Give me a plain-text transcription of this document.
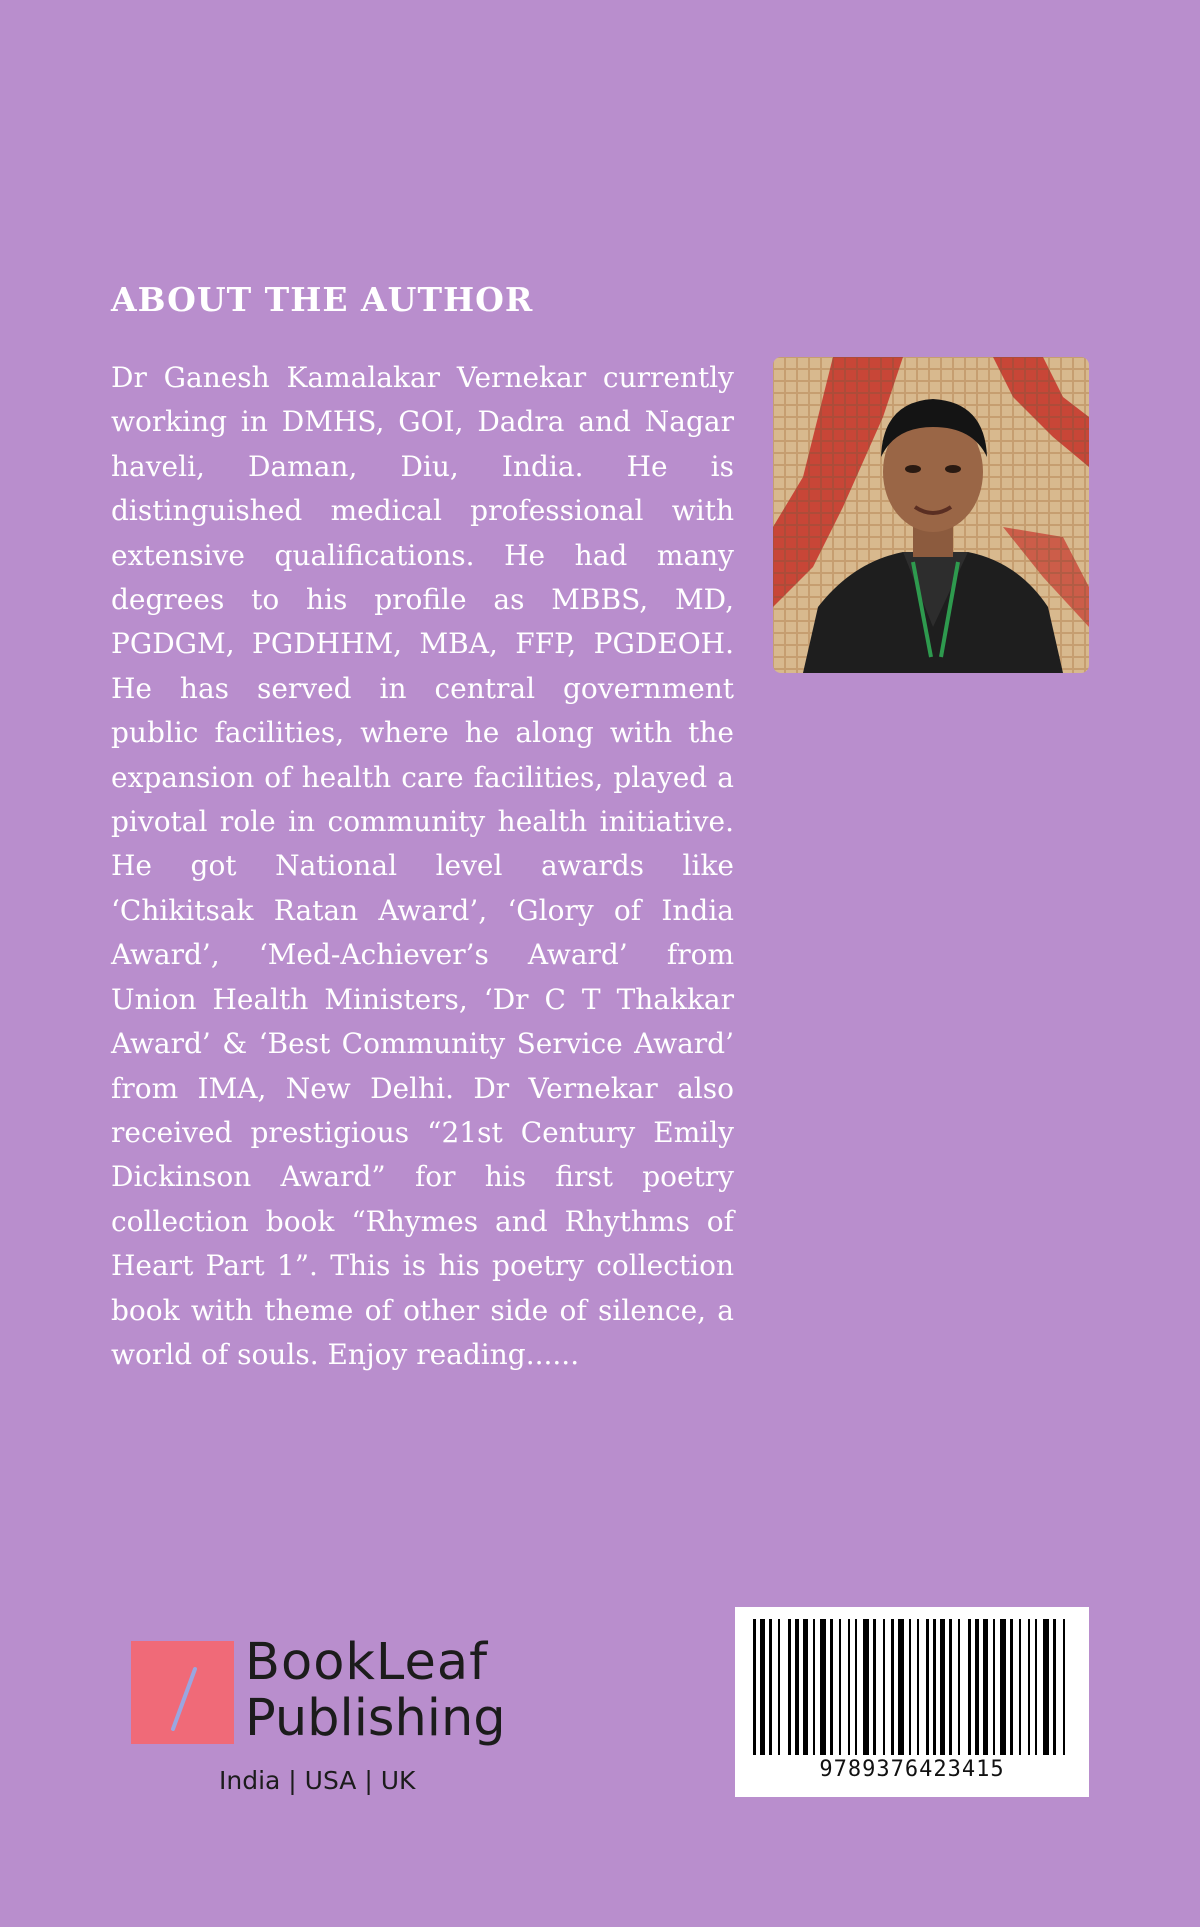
ABOUT THE AUTHOR

Dr Ganesh Kamalakar Vernekar currently working in DMHS, GOI, Dadra and Nagar haveli, Daman, Diu, India. He is distinguished medical professional with extensive qualifications. He had many degrees to his profile as MBBS, MD, PGDGM, PGDHHM, MBA, FFP, PGDEOH. He has served in central government public facilities, where he along with the expansion of health care facilities, played a pivotal role in community health initiative. He got National level awards like ‘Chikitsak Ratan Award’, ‘Glory of India Award’, ‘Med-Achiever’s Award’ from Union Health Ministers, ‘Dr C T Thakkar Award’ & ‘Best Community Service Award’ from IMA, New Delhi. Dr Vernekar also received prestigious “21st Century Emily Dickinson Award” for his first poetry collection book “Rhymes and Rhythms of Heart Part 1”. This is his poetry collection book with theme of other side of silence, a world of souls. Enjoy reading......

BookLeaf
Publishing
India | USA | UK	9789376423415
